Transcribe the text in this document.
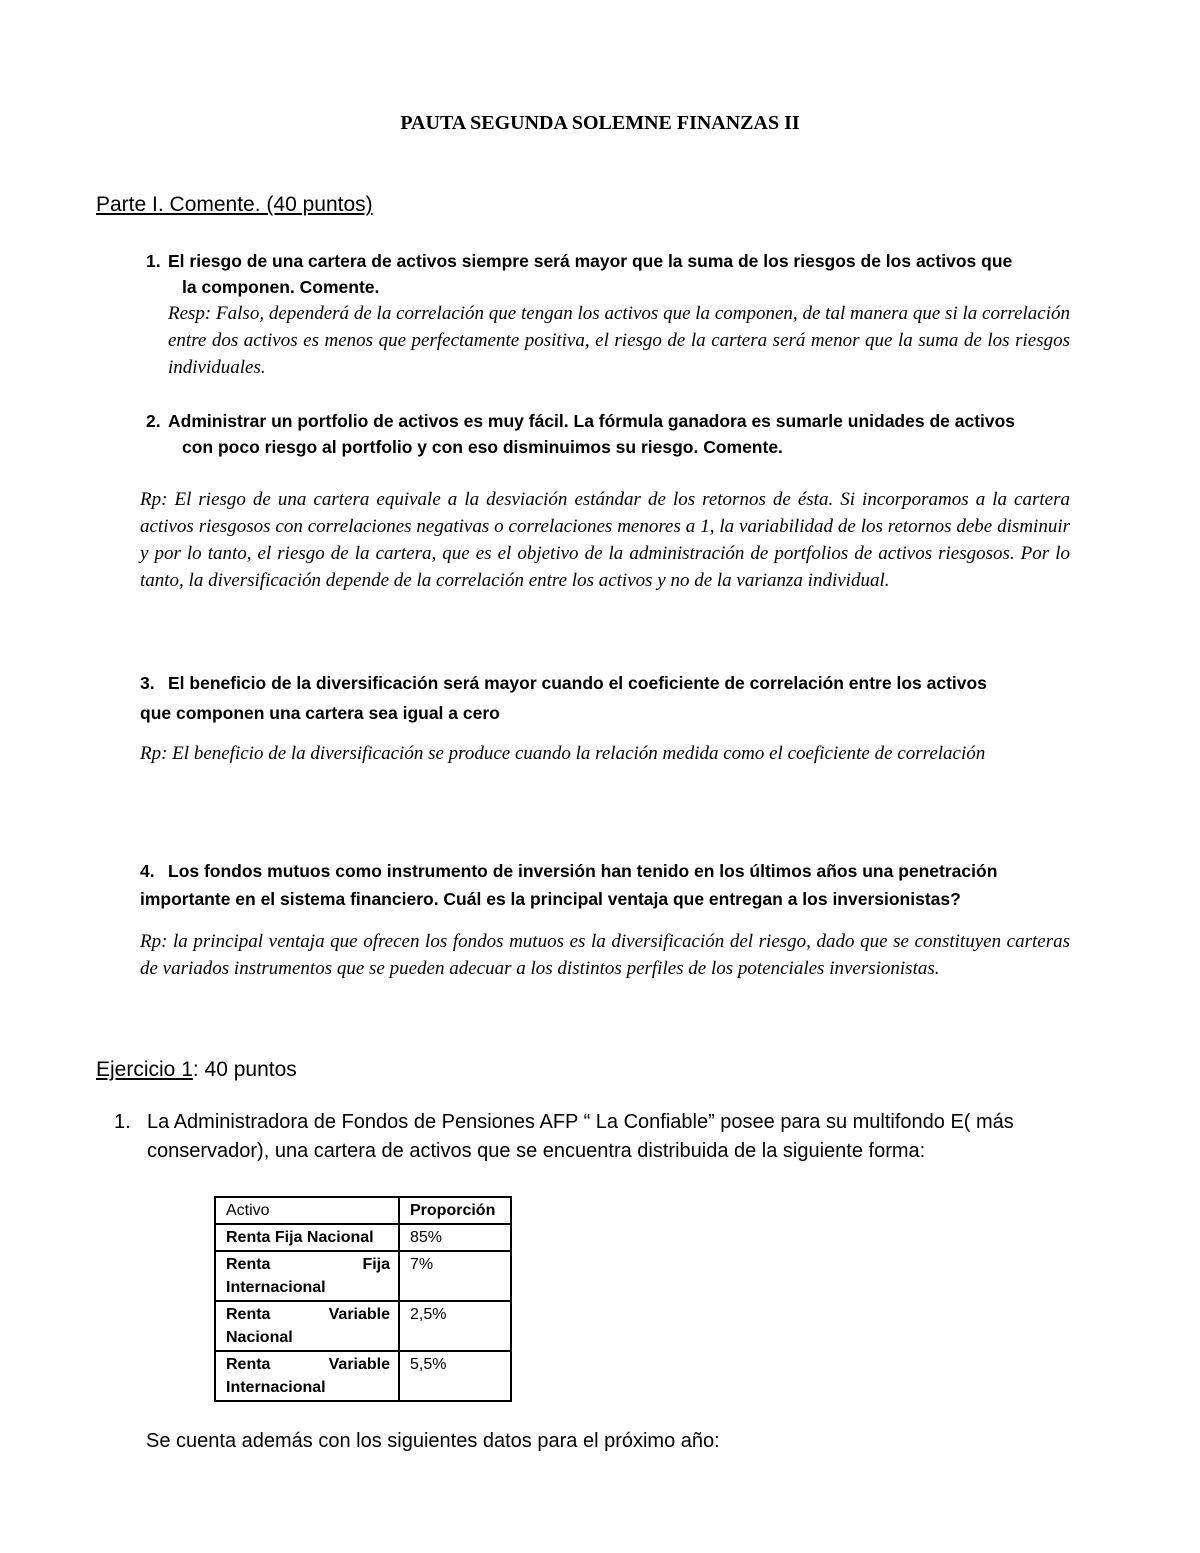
PAUTA SEGUNDA SOLEMNE FINANZAS II
Parte I. Comente. (40 puntos)
1. El riesgo de una cartera de activos siempre será mayor que la suma de los riesgos de los activos que
la componen. Comente.
Resp: Falso, dependerá de la correlación que tengan los activos que la componen, de tal manera que si la correlación entre dos activos es menos que perfectamente positiva, el riesgo de la cartera será menor que la suma de los riesgos individuales.
2. Administrar un portfolio de activos es muy fácil. La fórmula ganadora es sumarle unidades de activos
con poco riesgo al portfolio y con eso disminuimos su riesgo. Comente.
Rp: El riesgo de una cartera equivale a la desviación estándar de los retornos de ésta. Si incorporamos a la cartera activos riesgosos con correlaciones negativas o correlaciones menores a 1, la variabilidad de los retornos debe disminuir y por lo tanto, el riesgo de la cartera, que es el objetivo de la administración de portfolios de activos riesgosos. Por lo tanto, la diversificación depende de la correlación entre los activos y no de la varianza individual.
3. El beneficio de la diversificación será mayor cuando el coeficiente de correlación entre los activos
que componen una cartera sea igual a cero
Rp: El beneficio de la diversificación se produce cuando la relación medida como el coeficiente de correlación
4. Los fondos mutuos como instrumento de inversión han tenido en los últimos años una penetración
importante en el sistema financiero. Cuál es la principal ventaja que entregan a los inversionistas?
Rp: la principal ventaja que ofrecen los fondos mutuos es la diversificación del riesgo, dado que se constituyen carteras de variados instrumentos que se pueden adecuar a los distintos perfiles de los potenciales inversionistas.
Ejercicio 1: 40 puntos
1. La Administradora de Fondos de Pensiones AFP “ La Confiable” posee para su multifondo E( más conservador), una cartera de activos que se encuentra distribuida de la siguiente forma:
Activo	Proporción
Renta Fija Nacional	85%

Renta Fija
Internacional	7%

Renta Variable
Nacional	2,5%

Renta Variable
Internacional	5,5%
Se cuenta además con los siguientes datos para el próximo año:
